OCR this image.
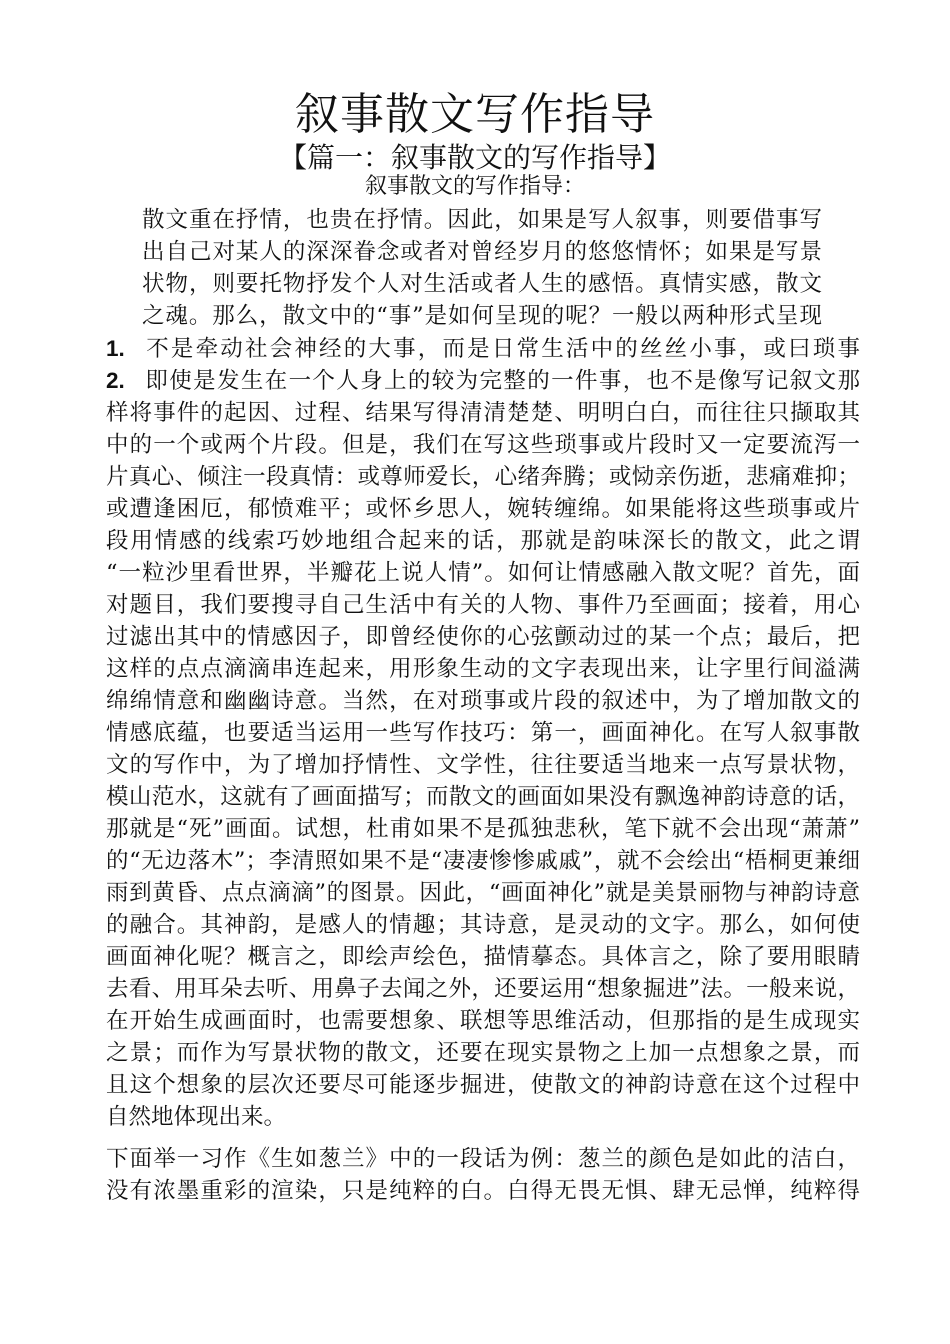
叙事散文写作指导
【篇一：叙事散文的写作指导】

叙事散文的写作指导：

散文重在抒情，也贵在抒情。因此，如果是写人叙事，则要借事写
出自己对某人的深深眷念或者对曾经岁月的悠悠情怀；如果是写景
状物，则要托物抒发个人对生活或者人生的感悟。真情实感，散文
之魂。那么，散文中的“事”是如何呈现的呢？一般以两种形式呈现
1. 不是牵动社会神经的大事，而是日常生活中的丝丝小事，或曰琐事
2. 即使是发生在一个人身上的较为完整的一件事，也不是像写记叙文那
样将事件的起因、过程、结果写得清清楚楚、明明白白，而往往只撷取其
中的一个或两个片段。但是，我们在写这些琐事或片段时又一定要流泻一
片真心、倾注一段真情：或尊师爱长，心绪奔腾；或恸亲伤逝，悲痛难抑；
或遭逢困厄，郁愤难平；或怀乡思人，婉转缠绵。如果能将这些琐事或片
段用情感的线索巧妙地组合起来的话，那就是韵味深长的散文，此之谓
“一粒沙里看世界，半瓣花上说人情”。如何让情感融入散文呢？首先，面
对题目，我们要搜寻自己生活中有关的人物、事件乃至画面；接着，用心
过滤出其中的情感因子，即曾经使你的心弦颤动过的某一个点；最后，把
这样的点点滴滴串连起来，用形象生动的文字表现出来，让字里行间溢满
绵绵情意和幽幽诗意。当然，在对琐事或片段的叙述中，为了增加散文的
情感底蕴，也要适当运用一些写作技巧：第一，画面神化。在写人叙事散
文的写作中，为了增加抒情性、文学性，往往要适当地来一点写景状物，
模山范水，这就有了画面描写；而散文的画面如果没有飘逸神韵诗意的话，
那就是“死”画面。试想，杜甫如果不是孤独悲秋，笔下就不会出现“萧萧”
的“无边落木”；李清照如果不是“凄凄惨惨戚戚”，就不会绘出“梧桐更兼细
雨到黄昏、点点滴滴”的图景。因此，“画面神化”就是美景丽物与神韵诗意
的融合。其神韵，是感人的情趣；其诗意，是灵动的文字。那么，如何使
画面神化呢？概言之，即绘声绘色，描情摹态。具体言之，除了要用眼睛
去看、用耳朵去听、用鼻子去闻之外，还要运用“想象掘进”法。一般来说，
在开始生成画面时，也需要想象、联想等思维活动，但那指的是生成现实
之景；而作为写景状物的散文，还要在现实景物之上加一点想象之景，而
且这个想象的层次还要尽可能逐步掘进，使散文的神韵诗意在这个过程中
自然地体现出来。
下面举一习作《生如葱兰》中的一段话为例：葱兰的颜色是如此的洁白，
没有浓墨重彩的渲染，只是纯粹的白。白得无畏无惧、肆无忌惮，纯粹得
